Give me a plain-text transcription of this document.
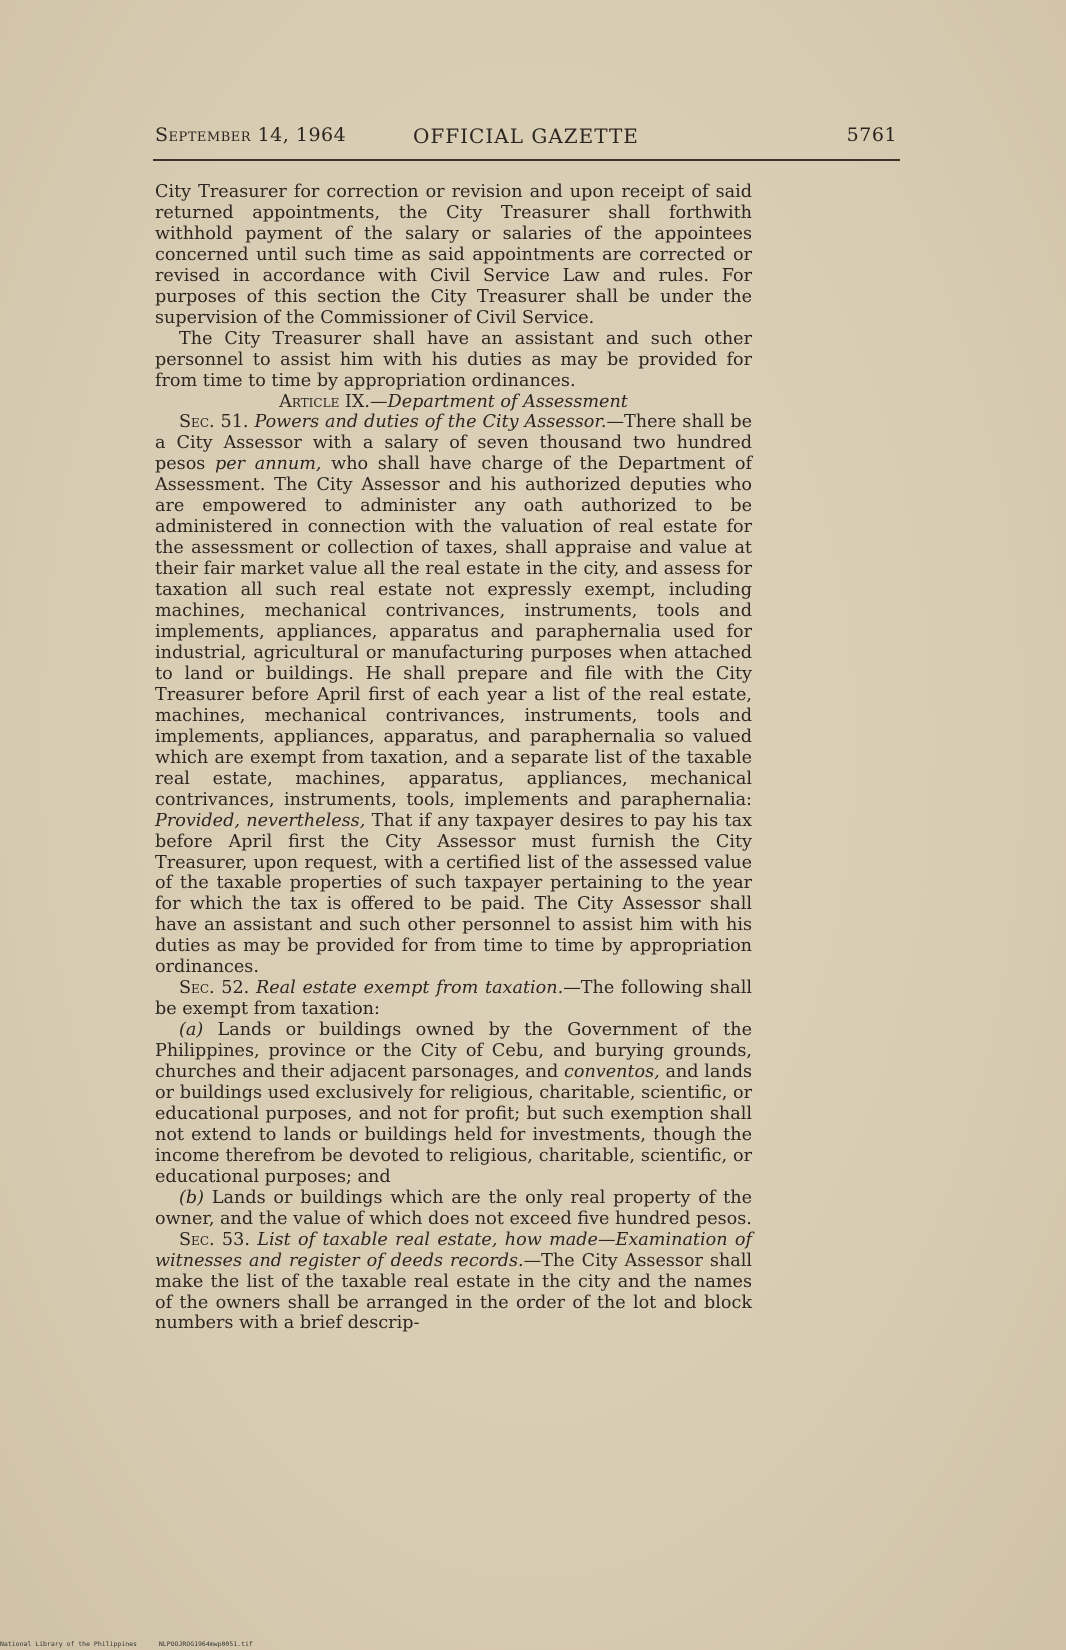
September 14, 1964	OFFICIAL GAZETTE	5761

City Treasurer for correction or revision and upon receipt of said returned appointments, the City Treasurer shall forthwith withhold payment of the salary or salaries of the appointees concerned until such time as said appointments are corrected or revised in accordance with Civil Service Law and rules. For purposes of this section the City Treasurer shall be under the supervision of the Commissioner of Civil Service.

The City Treasurer shall have an assistant and such other personnel to assist him with his duties as may be provided for from time to time by appropriation ordinances.

Article IX.—Department of Assessment

Sec. 51. Powers and duties of the City Assessor.—There shall be a City Assessor with a salary of seven thousand two hundred pesos per annum, who shall have charge of the Department of Assessment. The City Assessor and his authorized deputies who are empowered to administer any oath authorized to be administered in connection with the valuation of real estate for the assessment or collection of taxes, shall appraise and value at their fair market value all the real estate in the city, and assess for taxation all such real estate not expressly exempt, including machines, mechanical contrivances, instruments, tools and implements, appliances, apparatus and paraphernalia used for industrial, agricultural or manufacturing purposes when attached to land or buildings. He shall prepare and file with the City Treasurer before April first of each year a list of the real estate, machines, mechanical contrivances, instruments, tools and implements, appliances, apparatus, and paraphernalia so valued which are exempt from taxation, and a separate list of the taxable real estate, machines, apparatus, appliances, mechanical contrivances, instruments, tools, implements and paraphernalia: Provided, nevertheless, That if any taxpayer desires to pay his tax before April first the City Assessor must furnish the City Treasurer, upon request, with a certified list of the assessed value of the taxable properties of such taxpayer pertaining to the year for which the tax is offered to be paid. The City Assessor shall have an assistant and such other personnel to assist him with his duties as may be provided for from time to time by appropriation ordinances.

Sec. 52. Real estate exempt from taxation.—The following shall be exempt from taxation:

(a) Lands or buildings owned by the Government of the Philippines, province or the City of Cebu, and burying grounds, churches and their adjacent parsonages, and conventos, and lands or buildings used exclusively for religious, charitable, scientific, or educational purposes, and not for profit; but such exemption shall not extend to lands or buildings held for investments, though the income therefrom be devoted to religious, charitable, scientific, or educational purposes; and

(b) Lands or buildings which are the only real property of the owner, and the value of which does not exceed five hundred pesos.

Sec. 53. List of taxable real estate, how made—Examination of witnesses and register of deeds records.—The City Assessor shall make the list of the taxable real estate in the city and the names of the owners shall be arranged in the order of the lot and block numbers with a brief descrip-

National Library of the Philippines	NLPOOJROG1964mwp0051.tif
